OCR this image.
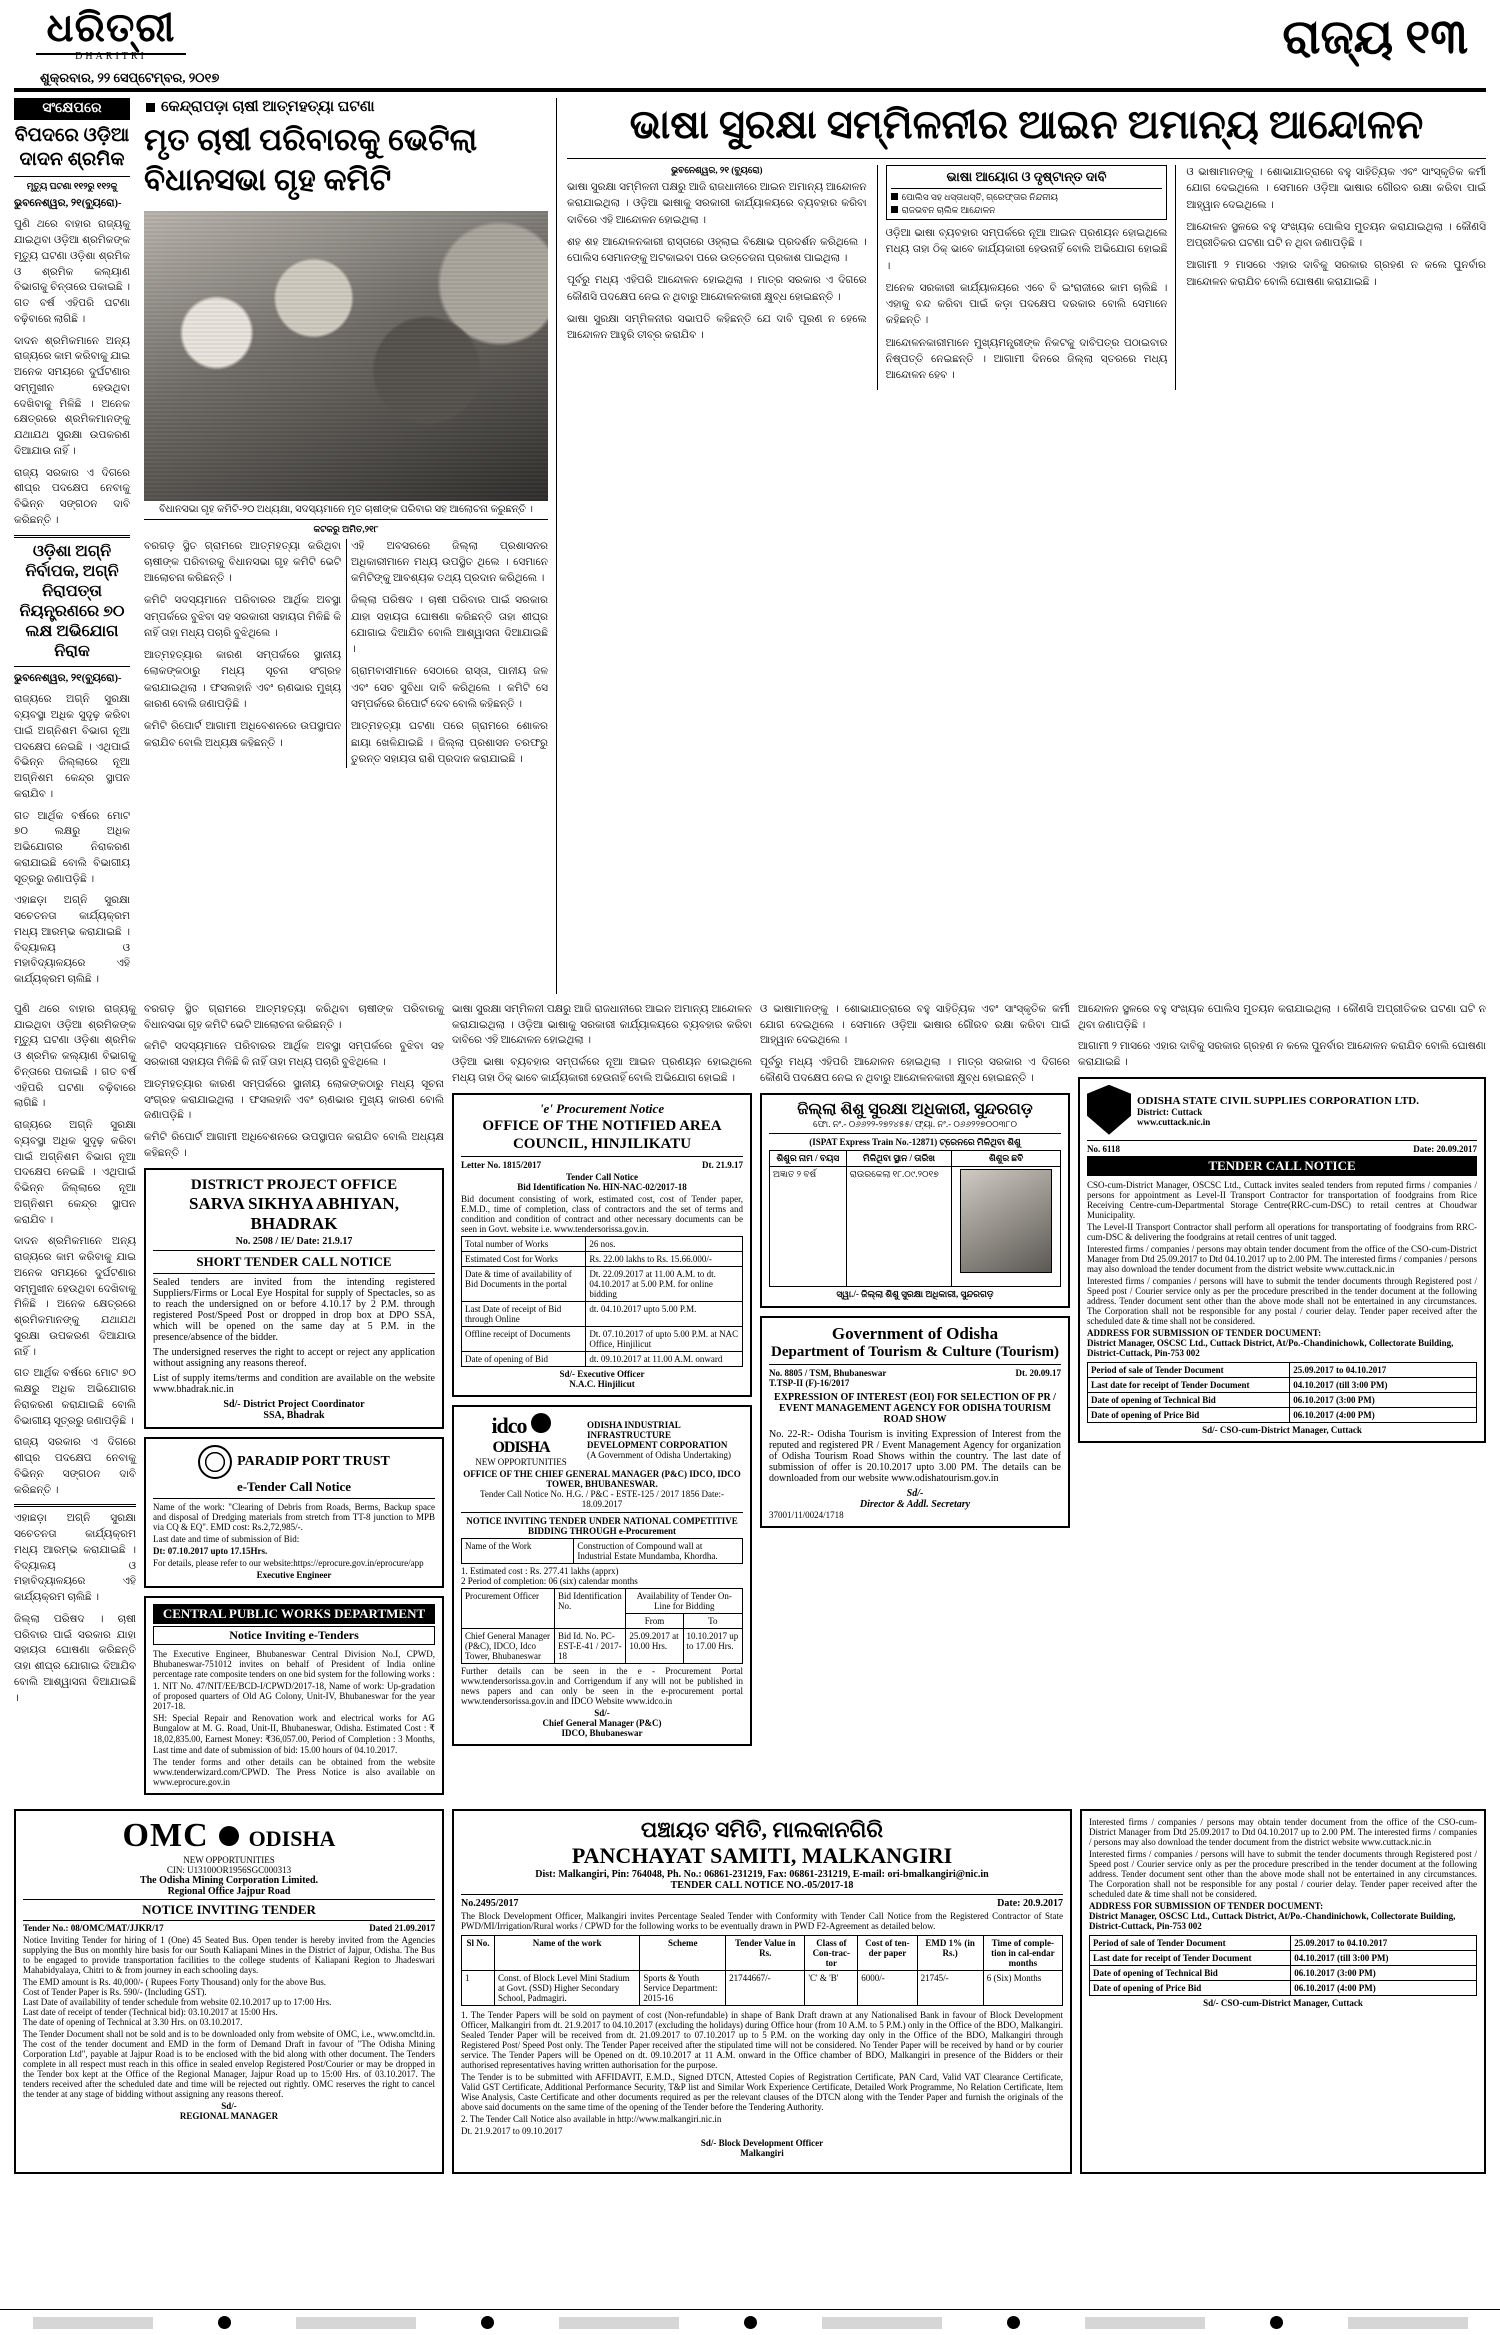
ଧରିତ୍ରୀ
DHARITRI
ଶୁକ୍ରବାର, ୨୨ ସେପ୍ଟେମ୍ବର, ୨୦୧୭
ରାଜ୍ୟ ୧୩
ସଂକ୍ଷେପରେ
ବିପଦରେ ଓଡ଼ିଆ ଦାଦନ ଶ୍ରମିକ
ମୃତ୍ୟୁ ଘଟଣା ୧୧୨ରୁ ୧୧୨କୁ

ଭୁବନେଶ୍ୱର, ୨୧(ବ୍ୟୁରୋ)-

ପୁଣି ଥରେ ବାହାର ରାଜ୍ୟକୁ ଯାଇଥିବା ଓଡ଼ିଆ ଶ୍ରମିକଙ୍କ ମୃତ୍ୟୁ ଘଟଣା ଓଡ଼ିଶା ଶ୍ରମିକ ଓ ଶ୍ରମିକ କଲ୍ୟାଣ ବିଭାଗକୁ ଚିନ୍ତାରେ ପକାଇଛି । ଗତ ବର୍ଷ ଏହିପରି ଘଟଣା ବଢ଼ିବାରେ ଲାଗିଛି ।

ଦାଦନ ଶ୍ରମିକମାନେ ଅନ୍ୟ ରାଜ୍ୟରେ କାମ କରିବାକୁ ଯାଇ ଅନେକ ସମୟରେ ଦୁର୍ଘଟଣାର ସମ୍ମୁଖୀନ ହେଉଥିବା ଦେଖିବାକୁ ମିଳିଛି । ଅନେକ କ୍ଷେତ୍ରରେ ଶ୍ରମିକମାନଙ୍କୁ ଯଥାଯଥ ସୁରକ୍ଷା ଉପକରଣ ଦିଆଯାଉ ନାହିଁ ।

ରାଜ୍ୟ ସରକାର ଏ ଦିଗରେ ଶୀଘ୍ର ପଦକ୍ଷେପ ନେବାକୁ ବିଭିନ୍ନ ସଙ୍ଗଠନ ଦାବି କରିଛନ୍ତି ।

ଓଡ଼ିଶା ଅଗ୍ନି ନିର୍ବାପକ, ଅଗ୍ନି ନିରାପତ୍ତା ନିୟନ୍ତ୍ରଣରେ ୭୦ ଲକ୍ଷ ଅଭିଯୋଗ ନିରାକ

ଭୁବନେଶ୍ୱର, ୨୧(ବ୍ୟୁରୋ)-

ରାଜ୍ୟରେ ଅଗ୍ନି ସୁରକ୍ଷା ବ୍ୟବସ୍ଥା ଅଧିକ ସୁଦୃଢ଼ କରିବା ପାଇଁ ଅଗ୍ନିଶମ ବିଭାଗ ନୂଆ ପଦକ୍ଷେପ ନେଇଛି । ଏଥିପାଇଁ ବିଭିନ୍ନ ଜିଲ୍ଲାରେ ନୂଆ ଅଗ୍ନିଶମ କେନ୍ଦ୍ର ସ୍ଥାପନ କରାଯିବ ।

ଗତ ଆର୍ଥିକ ବର୍ଷରେ ମୋଟ ୭୦ ଲକ୍ଷରୁ ଅଧିକ ଅଭିଯୋଗର ନିରାକରଣ କରାଯାଇଛି ବୋଲି ବିଭାଗୀୟ ସୂତ୍ରରୁ ଜଣାପଡ଼ିଛି ।

ଏହାଛଡ଼ା ଅଗ୍ନି ସୁରକ୍ଷା ସଚେତନତା କାର୍ଯ୍ୟକ୍ରମ ମଧ୍ୟ ଆରମ୍ଭ କରାଯାଇଛି । ବିଦ୍ୟାଳୟ ଓ ମହାବିଦ୍ୟାଳୟରେ ଏହି କାର୍ଯ୍ୟକ୍ରମ ଚାଲିଛି ।

କେନ୍ଦ୍ରାପଡ଼ା ଚାଷୀ ଆତ୍ମହତ୍ୟା ଘଟଣା
ମୃତ ଚାଷୀ ପରିବାରକୁ ଭେଟିଲା ବିଧାନସଭା ଗୃହ କମିଟି
ବିଧାନସଭା ଗୃହ କମିଟି-୨୦ ଅଧ୍ୟକ୍ଷା, ସଦସ୍ୟମାନେ ମୃତ ଚାଷୀଙ୍କ ପରିବାର ସହ ଆଲୋଚନା କରୁଛନ୍ତି ।
କଟକରୁ ଅମିତ,୨୧୮

ବରଗଡ଼ ସ୍ଥିତ ଗ୍ରାମରେ ଆତ୍ମହତ୍ୟା କରିଥିବା ଚାଷୀଙ୍କ ପରିବାରକୁ ବିଧାନସଭା ଗୃହ କମିଟି ଭେଟି ଆଲୋଚନା କରିଛନ୍ତି ।

କମିଟି ସଦସ୍ୟମାନେ ପରିବାରର ଆର୍ଥିକ ଅବସ୍ଥା ସମ୍ପର୍କରେ ବୁଝିବା ସହ ସରକାରୀ ସହାୟତା ମିଳିଛି କି ନାହିଁ ତାହା ମଧ୍ୟ ପଚାରି ବୁଝିଥିଲେ ।

ଆତ୍ମହତ୍ୟାର କାରଣ ସମ୍ପର୍କରେ ସ୍ଥାନୀୟ ଲୋକଙ୍କଠାରୁ ମଧ୍ୟ ସୂଚନା ସଂଗ୍ରହ କରାଯାଇଥିଲା । ଫସଲହାନି ଏବଂ ଋଣଭାର ମୁଖ୍ୟ କାରଣ ବୋଲି ଜଣାପଡ଼ିଛି ।

କମିଟି ରିପୋର୍ଟ ଆଗାମୀ ଅଧିବେଶନରେ ଉପସ୍ଥାପନ କରାଯିବ ବୋଲି ଅଧ୍ୟକ୍ଷ କହିଛନ୍ତି ।

ଏହି ଅବସରରେ ଜିଲ୍ଲା ପ୍ରଶାସନର ଅଧିକାରୀମାନେ ମଧ୍ୟ ଉପସ୍ଥିତ ଥିଲେ । ସେମାନେ କମିଟିଙ୍କୁ ଆବଶ୍ୟକ ତଥ୍ୟ ପ୍ରଦାନ କରିଥିଲେ ।

ଜିଲ୍ଲା ପରିଷଦ । ଚାଷୀ ପରିବାର ପାଇଁ ସରକାର ଯାହା ସହାୟତା ଘୋଷଣା କରିଛନ୍ତି ତାହା ଶୀଘ୍ର ଯୋଗାଇ ଦିଆଯିବ ବୋଲି ଆଶ୍ୱାସନା ଦିଆଯାଇଛି ।

ଗ୍ରାମବାସୀମାନେ ସେଠାରେ ରାସ୍ତା, ପାନୀୟ ଜଳ ଏବଂ ସେଚ ସୁବିଧା ଦାବି କରିଥିଲେ । କମିଟି ସେ ସମ୍ପର୍କରେ ରିପୋର୍ଟ ଦେବ ବୋଲି କହିଛନ୍ତି ।

ଆତ୍ମହତ୍ୟା ଘଟଣା ପରେ ଗ୍ରାମରେ ଶୋକର ଛାୟା ଖେଳିଯାଇଛି । ଜିଲ୍ଲା ପ୍ରଶାସନ ତରଫରୁ ତୁରନ୍ତ ସହାୟତା ରାଶି ପ୍ରଦାନ କରାଯାଇଛି ।

ଭାଷା ସୁରକ୍ଷା ସମ୍ମିଳନୀର ଆଇନ ଅମାନ୍ୟ ଆନ୍ଦୋଳନ
ଭୁବନେଶ୍ୱର, ୨୧ (ବ୍ୟୁରୋ)

ଭାଷା ସୁରକ୍ଷା ସମ୍ମିଳନୀ ପକ୍ଷରୁ ଆଜି ରାଜଧାନୀରେ ଆଇନ ଅମାନ୍ୟ ଆନ୍ଦୋଳନ କରାଯାଇଥିଲା । ଓଡ଼ିଆ ଭାଷାକୁ ସରକାରୀ କାର୍ଯ୍ୟାଳୟରେ ବ୍ୟବହାର କରିବା ଦାବିରେ ଏହି ଆନ୍ଦୋଳନ ହୋଇଥିଲା ।

ଶହ ଶହ ଆନ୍ଦୋଳନକାରୀ ରାସ୍ତାରେ ଓହ୍ଲାଇ ବିକ୍ଷୋଭ ପ୍ରଦର୍ଶନ କରିଥିଲେ । ପୋଲିସ ସେମାନଙ୍କୁ ଅଟକାଇବା ପରେ ଉତ୍ତେଜନା ପ୍ରକାଶ ପାଇଥିଲା ।

ପୂର୍ବରୁ ମଧ୍ୟ ଏହିପରି ଆନ୍ଦୋଳନ ହୋଇଥିଲା । ମାତ୍ର ସରକାର ଏ ଦିଗରେ କୌଣସି ପଦକ୍ଷେପ ନେଇ ନ ଥିବାରୁ ଆନ୍ଦୋଳନକାରୀ କ୍ଷୁବ୍ଧ ହୋଇଛନ୍ତି ।

ଭାଷା ସୁରକ୍ଷା ସମ୍ମିଳନୀର ସଭାପତି କହିଛନ୍ତି ଯେ ଦାବି ପୂରଣ ନ ହେଲେ ଆନ୍ଦୋଳନ ଆହୁରି ତୀବ୍ର କରାଯିବ ।

ଭାଷା ଆୟୋଗ ଓ ଦୃଷ୍ଟାନ୍ତ ଦାବି
ପୋଲିସ ସହ ଧସ୍ତାଧସ୍ତି, ଗ୍ରେଫ୍ତାର ନିନ୍ଦନୀୟ
ରାଜଭବନ ଚାଲିକ ଆନ୍ଦୋଳନ

ଓଡ଼ିଆ ଭାଷା ବ୍ୟବହାର ସମ୍ପର୍କରେ ନୂଆ ଆଇନ ପ୍ରଣୟନ ହୋଇଥିଲେ ମଧ୍ୟ ତାହା ଠିକ୍ ଭାବେ କାର୍ଯ୍ୟକାରୀ ହେଉନାହିଁ ବୋଲି ଅଭିଯୋଗ ହୋଇଛି ।

ଅନେକ ସରକାରୀ କାର୍ଯ୍ୟାଳୟରେ ଏବେ ବି ଇଂରାଜୀରେ କାମ ଚାଲିଛି । ଏହାକୁ ବନ୍ଦ କରିବା ପାଇଁ କଡ଼ା ପଦକ୍ଷେପ ଦରକାର ବୋଲି ସେମାନେ କହିଛନ୍ତି ।

ଆନ୍ଦୋଳନକାରୀମାନେ ମୁଖ୍ୟମନ୍ତ୍ରୀଙ୍କ ନିକଟକୁ ଦାବିପତ୍ର ପଠାଇବାର ନିଷ୍ପତ୍ତି ନେଇଛନ୍ତି । ଆଗାମୀ ଦିନରେ ଜିଲ୍ଲା ସ୍ତରରେ ମଧ୍ୟ ଆନ୍ଦୋଳନ ହେବ ।

ଓ ଭାଷାମାନଙ୍କୁ । ଶୋଭାଯାତ୍ରାରେ ବହୁ ସାହିତ୍ୟିକ ଏବଂ ସାଂସ୍କୃତିକ କର୍ମୀ ଯୋଗ ଦେଇଥିଲେ । ସେମାନେ ଓଡ଼ିଆ ଭାଷାର ଗୌରବ ରକ୍ଷା କରିବା ପାଇଁ ଆହ୍ୱାନ ଦେଇଥିଲେ ।

ଆନ୍ଦୋଳନ ସ୍ଥଳରେ ବହୁ ସଂଖ୍ୟକ ପୋଲିସ ମୁତୟନ କରାଯାଇଥିଲା । କୌଣସି ଅପ୍ରୀତିକର ଘଟଣା ଘଟି ନ ଥିବା ଜଣାପଡ଼ିଛି ।

ଆଗାମୀ ୨ ମାସରେ ଏହାର ଦାବିକୁ ସରକାର ଗ୍ରହଣ ନ କଲେ ପୁନର୍ବାର ଆନ୍ଦୋଳନ କରାଯିବ ବୋଲି ଘୋଷଣା କରାଯାଇଛି ।

ପୁଣି ଥରେ ବାହାର ରାଜ୍ୟକୁ ଯାଇଥିବା ଓଡ଼ିଆ ଶ୍ରମିକଙ୍କ ମୃତ୍ୟୁ ଘଟଣା ଓଡ଼ିଶା ଶ୍ରମିକ ଓ ଶ୍ରମିକ କଲ୍ୟାଣ ବିଭାଗକୁ ଚିନ୍ତାରେ ପକାଇଛି । ଗତ ବର୍ଷ ଏହିପରି ଘଟଣା ବଢ଼ିବାରେ ଲାଗିଛି ।

ରାଜ୍ୟରେ ଅଗ୍ନି ସୁରକ୍ଷା ବ୍ୟବସ୍ଥା ଅଧିକ ସୁଦୃଢ଼ କରିବା ପାଇଁ ଅଗ୍ନିଶମ ବିଭାଗ ନୂଆ ପଦକ୍ଷେପ ନେଇଛି । ଏଥିପାଇଁ ବିଭିନ୍ନ ଜିଲ୍ଲାରେ ନୂଆ ଅଗ୍ନିଶମ କେନ୍ଦ୍ର ସ୍ଥାପନ କରାଯିବ ।

ଦାଦନ ଶ୍ରମିକମାନେ ଅନ୍ୟ ରାଜ୍ୟରେ କାମ କରିବାକୁ ଯାଇ ଅନେକ ସମୟରେ ଦୁର୍ଘଟଣାର ସମ୍ମୁଖୀନ ହେଉଥିବା ଦେଖିବାକୁ ମିଳିଛି । ଅନେକ କ୍ଷେତ୍ରରେ ଶ୍ରମିକମାନଙ୍କୁ ଯଥାଯଥ ସୁରକ୍ଷା ଉପକରଣ ଦିଆଯାଉ ନାହିଁ ।

ଗତ ଆର୍ଥିକ ବର୍ଷରେ ମୋଟ ୭୦ ଲକ୍ଷରୁ ଅଧିକ ଅଭିଯୋଗର ନିରାକରଣ କରାଯାଇଛି ବୋଲି ବିଭାଗୀୟ ସୂତ୍ରରୁ ଜଣାପଡ଼ିଛି ।

ରାଜ୍ୟ ସରକାର ଏ ଦିଗରେ ଶୀଘ୍ର ପଦକ୍ଷେପ ନେବାକୁ ବିଭିନ୍ନ ସଙ୍ଗଠନ ଦାବି କରିଛନ୍ତି ।

ଏହାଛଡ଼ା ଅଗ୍ନି ସୁରକ୍ଷା ସଚେତନତା କାର୍ଯ୍ୟକ୍ରମ ମଧ୍ୟ ଆରମ୍ଭ କରାଯାଇଛି । ବିଦ୍ୟାଳୟ ଓ ମହାବିଦ୍ୟାଳୟରେ ଏହି କାର୍ଯ୍ୟକ୍ରମ ଚାଲିଛି ।

ଜିଲ୍ଲା ପରିଷଦ । ଚାଷୀ ପରିବାର ପାଇଁ ସରକାର ଯାହା ସହାୟତା ଘୋଷଣା କରିଛନ୍ତି ତାହା ଶୀଘ୍ର ଯୋଗାଇ ଦିଆଯିବ ବୋଲି ଆଶ୍ୱାସନା ଦିଆଯାଇଛି ।

ବରଗଡ଼ ସ୍ଥିତ ଗ୍ରାମରେ ଆତ୍ମହତ୍ୟା କରିଥିବା ଚାଷୀଙ୍କ ପରିବାରକୁ ବିଧାନସଭା ଗୃହ କମିଟି ଭେଟି ଆଲୋଚନା କରିଛନ୍ତି ।

କମିଟି ସଦସ୍ୟମାନେ ପରିବାରର ଆର୍ଥିକ ଅବସ୍ଥା ସମ୍ପର୍କରେ ବୁଝିବା ସହ ସରକାରୀ ସହାୟତା ମିଳିଛି କି ନାହିଁ ତାହା ମଧ୍ୟ ପଚାରି ବୁଝିଥିଲେ ।

ଆତ୍ମହତ୍ୟାର କାରଣ ସମ୍ପର୍କରେ ସ୍ଥାନୀୟ ଲୋକଙ୍କଠାରୁ ମଧ୍ୟ ସୂଚନା ସଂଗ୍ରହ କରାଯାଇଥିଲା । ଫସଲହାନି ଏବଂ ଋଣଭାର ମୁଖ୍ୟ କାରଣ ବୋଲି ଜଣାପଡ଼ିଛି ।

କମିଟି ରିପୋର୍ଟ ଆଗାମୀ ଅଧିବେଶନରେ ଉପସ୍ଥାପନ କରାଯିବ ବୋଲି ଅଧ୍ୟକ୍ଷ କହିଛନ୍ତି ।

DISTRICT PROJECT OFFICE
SARVA SIKHYA ABHIYAN, BHADRAK
No. 2508 / IE/ Date: 21.9.17
SHORT TENDER CALL NOTICE
Sealed tenders are invited from the intending registered Suppliers/Firms or Local Eye Hospital for supply of Spectacles, so as to reach the undersigned on or before 4.10.17 by 2 P.M. through registered Post/Speed Post or dropped in drop box at DPO SSA, which will be opened on the same day at 5 P.M. in the presence/absence of the bidder.
The undersigned reserves the right to accept or reject any application without assigning any reasons thereof.
List of supply items/terms and condition are available on the website www.bhadrak.nic.in
Sd/- District Project Coordinator
SSA, Bhadrak
PARADIP PORT TRUST
e-Tender Call Notice
Name of the work: "Clearing of Debris from Roads, Berms, Backup space and disposal of Dredging materials from stretch from TT-8 junction to MPB via CQ & EQ". EMD cost: Rs.2,72,985/-.
Last date and time of submission of Bid:
Dt: 07.10.2017 upto 17.15Hrs.
For details, please refer to our website:https://eprocure.gov.in/eprocure/app
Executive Engineer
CENTRAL PUBLIC WORKS DEPARTMENT
Notice Inviting e-Tenders
The Executive Engineer, Bhubaneswar Central Division No.I, CPWD, Bhubaneswar-751012 invites on behalf of President of India online percentage rate composite tenders on one bid system for the following works :
1. NIT No. 47/NIT/EE/BCD-I/CPWD/2017-18, Name of work: Up-gradation of proposed quarters of Old AG Colony, Unit-IV, Bhubaneswar for the year 2017-18.
SH: Special Repair and Renovation work and electrical works for AG Bungalow at M. G. Road, Unit-II, Bhubaneswar, Odisha. Estimated Cost : ₹ 18,02,835.00, Earnest Money: ₹36,057.00, Period of Completion : 3 Months, Last time and date of submission of bid: 15.00 hours of 04.10.2017.
The tender forms and other details can be obtained from the website www.tenderwizard.com/CPWD. The Press Notice is also available on www.eprocure.gov.in

ଭାଷା ସୁରକ୍ଷା ସମ୍ମିଳନୀ ପକ୍ଷରୁ ଆଜି ରାଜଧାନୀରେ ଆଇନ ଅମାନ୍ୟ ଆନ୍ଦୋଳନ କରାଯାଇଥିଲା । ଓଡ଼ିଆ ଭାଷାକୁ ସରକାରୀ କାର୍ଯ୍ୟାଳୟରେ ବ୍ୟବହାର କରିବା ଦାବିରେ ଏହି ଆନ୍ଦୋଳନ ହୋଇଥିଲା ।

ଓଡ଼ିଆ ଭାଷା ବ୍ୟବହାର ସମ୍ପର୍କରେ ନୂଆ ଆଇନ ପ୍ରଣୟନ ହୋଇଥିଲେ ମଧ୍ୟ ତାହା ଠିକ୍ ଭାବେ କାର୍ଯ୍ୟକାରୀ ହେଉନାହିଁ ବୋଲି ଅଭିଯୋଗ ହୋଇଛି ।

'e' Procurement Notice
OFFICE OF THE NOTIFIED AREA COUNCIL, HINJILIKATU
Letter No. 1815/2017	Dt. 21.9.17
Tender Call Notice
Bid Identification No. HIN-NAC-02/2017-18
Bid document consisting of work, estimated cost, cost of Tender paper, E.M.D., time of completion, class of contractors and the set of terms and condition and condition of contract and other necessary documents can be seen in Govt. website i.e. www.tendersorissa.gov.in.
Total number of Works	26 nos.
Estimated Cost for Works	Rs. 22.00 lakhs to Rs. 15.66.000/-
Date & time of availability of Bid Documents in the portal	Dt. 22.09.2017 at 11.00 A.M. to dt. 04.10.2017 at 5.00 P.M. for online bidding
Last Date of receipt of Bid through Online	dt. 04.10.2017 upto 5.00 P.M.
Offline receipt of Documents	Dt. 07.10.2017 of upto 5.00 P.M. at NAC Office, Hinjilicut
Date of opening of Bid	dt. 09.10.2017 at 11.00 A.M. onward
Sd/- Executive Officer
N.A.C. Hinjilicut
idco  ODISHA
NEW OPPORTUNITIES
ODISHA INDUSTRIAL INFRASTRUCTURE DEVELOPMENT CORPORATION
(A Government of Odisha Undertaking)
OFFICE OF THE CHIEF GENERAL MANAGER (P&C) IDCO, IDCO TOWER, BHUBANESWAR.
Tender Call Notice No. H.G. / P&C - ESTE-125 / 2017 1856 Date:- 18.09.2017
NOTICE INVITING TENDER UNDER NATIONAL COMPETITIVE BIDDING THROUGH e-Procurement
Name of the Work	Construction of Compound wall at Industrial Estate Mundamba, Khordha.
1. Estimated cost : Rs. 277.41 lakhs (apprx)
2 Period of completion: 06 (six) calendar months
Procurement Officer	Bid Identification No.	Availability of Tender On-Line for Bidding	
		From	To
Chief General Manager (P&C), IDCO, Idco Tower, Bhubaneswar	Bid Id. No. PC-EST-E-41 / 2017-18	25.09.2017 at 10.00 Hrs.	10.10.2017 up to 17.00 Hrs.
Further details can be seen in the e - Procurement Portal www.tendersorissa.gov.in and Corrigendum if any will not be published in news papers and can only be seen in the e-procurement portal www.tendersorissa.gov.in and IDCO Website www.idco.in
Sd/-
Chief General Manager (P&C)
IDCO, Bhubaneswar

ଓ ଭାଷାମାନଙ୍କୁ । ଶୋଭାଯାତ୍ରାରେ ବହୁ ସାହିତ୍ୟିକ ଏବଂ ସାଂସ୍କୃତିକ କର୍ମୀ ଯୋଗ ଦେଇଥିଲେ । ସେମାନେ ଓଡ଼ିଆ ଭାଷାର ଗୌରବ ରକ୍ଷା କରିବା ପାଇଁ ଆହ୍ୱାନ ଦେଇଥିଲେ ।

ପୂର୍ବରୁ ମଧ୍ୟ ଏହିପରି ଆନ୍ଦୋଳନ ହୋଇଥିଲା । ମାତ୍ର ସରକାର ଏ ଦିଗରେ କୌଣସି ପଦକ୍ଷେପ ନେଇ ନ ଥିବାରୁ ଆନ୍ଦୋଳନକାରୀ କ୍ଷୁବ୍ଧ ହୋଇଛନ୍ତି ।

ଜିଲ୍ଲା ଶିଶୁ ସୁରକ୍ଷା ଅଧିକାରୀ, ସୁନ୍ଦରଗଡ଼
ଫୋ. ନଂ.- ୦୬୬୨୨-୨୭୨୪୫୫/ ଫ୍ୟା. ନଂ.- ୦୬୬୨୨୭୦୦୩୮୦
(ISPAT Express Train No.-12871) ଟ୍ରେନରେ ମିଳିଥିବା ଶିଶୁ
ଶିଶୁର ନାମ / ବୟସ	ମିଳିଥିବା ସ୍ଥାନ / ତାରିଖ	ଶିଶୁର ଛବି
ଅଜ୍ଞାତ ୨ ବର୍ଷ	ରାଉରକେଲା ୧୮.୦୯.୨୦୧୭	
ସ୍ୱା./- ଜିଲ୍ଲା ଶିଶୁ ସୁରକ୍ଷା ଅଧିକାରୀ, ସୁନ୍ଦରଗଡ଼
Government of Odisha
Department of Tourism & Culture (Tourism)
No. 8805 / TSM, Bhubaneswar	Dt. 20.09.17
T.TSP-II (F)-16/2017
EXPRESSION OF INTEREST (EOI) FOR SELECTION OF PR / EVENT MANAGEMENT AGENCY FOR ODISHA TOURISM ROAD SHOW
No. 22-R:- Odisha Tourism is inviting Expression of Interest from the reputed and registered PR / Event Management Agency for organization of Odisha Tourism Road Shows within the country. The last date of submission of offer is 20.10.2017 upto 3.00 PM. The details can be downloaded from our website www.odishatourism.gov.in
Sd/-
Director & Addl. Secretary
37001/11/0024/1718

ଆନ୍ଦୋଳନ ସ୍ଥଳରେ ବହୁ ସଂଖ୍ୟକ ପୋଲିସ ମୁତୟନ କରାଯାଇଥିଲା । କୌଣସି ଅପ୍ରୀତିକର ଘଟଣା ଘଟି ନ ଥିବା ଜଣାପଡ଼ିଛି ।

ଆଗାମୀ ୨ ମାସରେ ଏହାର ଦାବିକୁ ସରକାର ଗ୍ରହଣ ନ କଲେ ପୁନର୍ବାର ଆନ୍ଦୋଳନ କରାଯିବ ବୋଲି ଘୋଷଣା କରାଯାଇଛି ।

ODISHA STATE CIVIL SUPPLIES CORPORATION LTD.
District: Cuttack
www.cuttack.nic.in
No. 6118	Date: 20.09.2017
TENDER CALL NOTICE
CSO-cum-District Manager, OSCSC Ltd., Cuttack invites sealed tenders from reputed firms / companies / persons for appointment as Level-II Transport Contractor for transportation of foodgrains from Rice Receiving Centre-cum-Departmental Storage Centre(RRC-cum-DSC) to retail centres at Choudwar Municipality.
The Level-II Transport Contractor shall perform all operations for transportating of foodgrains from RRC-cum-DSC & delivering the foodgrains at retail centres of unit tagged.
Interested firms / companies / persons may obtain tender document from the office of the CSO-cum-District Manager from Dtd 25.09.2017 to Dtd 04.10.2017 up to 2.00 PM. The interested firms / companies / persons may also download the tender document from the district website www.cuttack.nic.in
Interested firms / companies / persons will have to submit the tender documents through Registered post / Speed post / Courier service only as per the procedure prescribed in the tender document at the following address. Tender document sent other than the above mode shall not be entertained in any circumstances. The Corporation shall not be responsible for any postal / courier delay. Tender paper received after the scheduled date & time shall not be considered.
ADDRESS FOR SUBMISSION OF TENDER DOCUMENT:
District Manager, OSCSC Ltd., Cuttack District, At/Po.-Chandinichowk, Collectorate Building, District-Cuttack, Pin-753 002
Period of sale of Tender Document	25.09.2017 to 04.10.2017
Last date for receipt of Tender Document	04.10.2017 (till 3:00 PM)
Date of opening of Technical Bid	06.10.2017 (3:00 PM)
Date of opening of Price Bid	06.10.2017 (4:00 PM)
Sd/- CSO-cum-District Manager, Cuttack
OMC ODISHA
NEW OPPORTUNITIES
CIN: U13100OR1956SGC000313
The Odisha Mining Corporation Limited.
Regional Office Jajpur Road
NOTICE INVITING TENDER
Tender No.: 08/OMC/MAT/JJKR/17	Dated 21.09.2017
Notice Inviting Tender for hiring of 1 (One) 45 Seated Bus. Open tender is hereby invited from the Agencies supplying the Bus on monthly hire basis for our South Kaliapani Mines in the District of Jajpur, Odisha. The Bus to be engaged to provide transportation facilities to the college students of Kaliapani Region to Jhadeswari Mahabidyalaya, Chitri to & from journey in each schooling days.
The EMD amount is Rs. 40,000/- ( Rupees Forty Thousand) only for the above Bus.
Cost of Tender Paper is Rs. 590/- (Including GST).
Last Date of availability of tender schedule from website 02.10.2017 up to 17:00 Hrs.
Last date of receipt of tender (Technical bid): 03.10.2017 at 15:00 Hrs.
The date of opening of Technical at 3.30 Hrs. on 03.10.2017.
The Tender Document shall not be sold and is to be downloaded only from website of OMC, i.e., www.omcltd.in. The cost of the tender document and EMD in the form of Demand Draft in favour of "The Odisha Mining Corporation Ltd", payable at Jajpur Road is to be enclosed with the bid along with other document. The Tenders complete in all respect must reach in this office in sealed envelop Registered Post/Courier or may be dropped in the Tender box kept at the Office of the Regional Manager, Jajpur Road up to 15:00 Hrs. of 03.10.2017. The tenders received after the scheduled date and time will be rejected out rightly. OMC reserves the right to cancel the tender at any stage of bidding without assigning any reasons thereof.
Sd/-
REGIONAL MANAGER
ପଞ୍ଚାୟତ ସମିତି, ମାଲକାନଗିରି
PANCHAYAT SAMITI, MALKANGIRI
Dist: Malkangiri, Pin: 764048, Ph. No.: 06861-231219, Fax: 06861-231219, E-mail: ori-bmalkangiri@nic.in
TENDER CALL NOTICE NO.-05/2017-18
No.2495/2017	Date: 20.9.2017
The Block Development Officer, Malkangiri invites Percentage Sealed Tender with Conformity with Tender Call Notice from the Registered Contractor of State PWD/MI/Irrigation/Rural works / CPWD for the following works to be eventually drawn in PWD F2-Agreement as detailed below.
Sl No.	Name of the work	Scheme	Tender Value in Rs.	Class of Con-trac-tor	Cost of ten-der paper	EMD 1% (in Rs.)	Time of comple-tion in cal-endar months
1	Const. of Block Level Mini Stadium at Govt. (SSD) Higher Secondary School, Padmagiri.	Sports & Youth Service Department: 2015-16	21744667/-	'C' & 'B'	6000/-	21745/-	6 (Six) Months
1. The Tender Papers will be sold on payment of cost (Non-refundable) in shape of Bank Draft drawn at any Nationalised Bank in favour of Block Development Officer, Malkangiri from dt. 21.9.2017 to 04.10.2017 (excluding the holidays) during Office hour (from 10 A.M. to 5 P.M.) only in the Office of the BDO, Malkangiri. Sealed Tender Paper will be received from dt. 21.09.2017 to 07.10.2017 up to 5 P.M. on the working day only in the Office of the BDO, Malkangiri through Registered Post/ Speed Post only. The Tender Paper received after the stipulated time will not be considered. No Tender Paper will be received by hand or by courier service. The Tender Papers will be Opened on dt. 09.10.2017 at 11 A.M. onward in the Office chamber of BDO, Malkangiri in presence of the Bidders or their authorised representatives having written authorisation for the purpose.
The Tender is to be submitted with AFFIDAVIT, E.M.D., Signed DTCN, Attested Copies of Registration Certificate, PAN Card, Valid VAT Clearance Certificate, Valid GST Certificate, Additional Performance Security, T&P list and Similar Work Experience Certificate, Detailed Work Programme, No Relation Certificate, Item Wise Analysis, Caste Certificate and other documents required as per the relevant clauses of the DTCN along with the Tender Paper and furnish the originals of the above said documents on the same time of the opening of the Tender before the Tendering Authority.
2. The Tender Call Notice also available in http://www.malkangiri.nic.in
Dt. 21.9.2017 to 09.10.2017
Sd/- Block Development Officer
Malkangiri
Interested firms / companies / persons may obtain tender document from the office of the CSO-cum-District Manager from Dtd 25.09.2017 to Dtd 04.10.2017 up to 2.00 PM. The interested firms / companies / persons may also download the tender document from the district website www.cuttack.nic.in
Interested firms / companies / persons will have to submit the tender documents through Registered post / Speed post / Courier service only as per the procedure prescribed in the tender document at the following address. Tender document sent other than the above mode shall not be entertained in any circumstances. The Corporation shall not be responsible for any postal / courier delay. Tender paper received after the scheduled date & time shall not be considered.
ADDRESS FOR SUBMISSION OF TENDER DOCUMENT:
District Manager, OSCSC Ltd., Cuttack District, At/Po.-Chandinichowk, Collectorate Building, District-Cuttack, Pin-753 002
Period of sale of Tender Document	25.09.2017 to 04.10.2017
Last date for receipt of Tender Document	04.10.2017 (till 3:00 PM)
Date of opening of Technical Bid	06.10.2017 (3:00 PM)
Date of opening of Price Bid	06.10.2017 (4:00 PM)
Sd/- CSO-cum-District Manager, Cuttack
